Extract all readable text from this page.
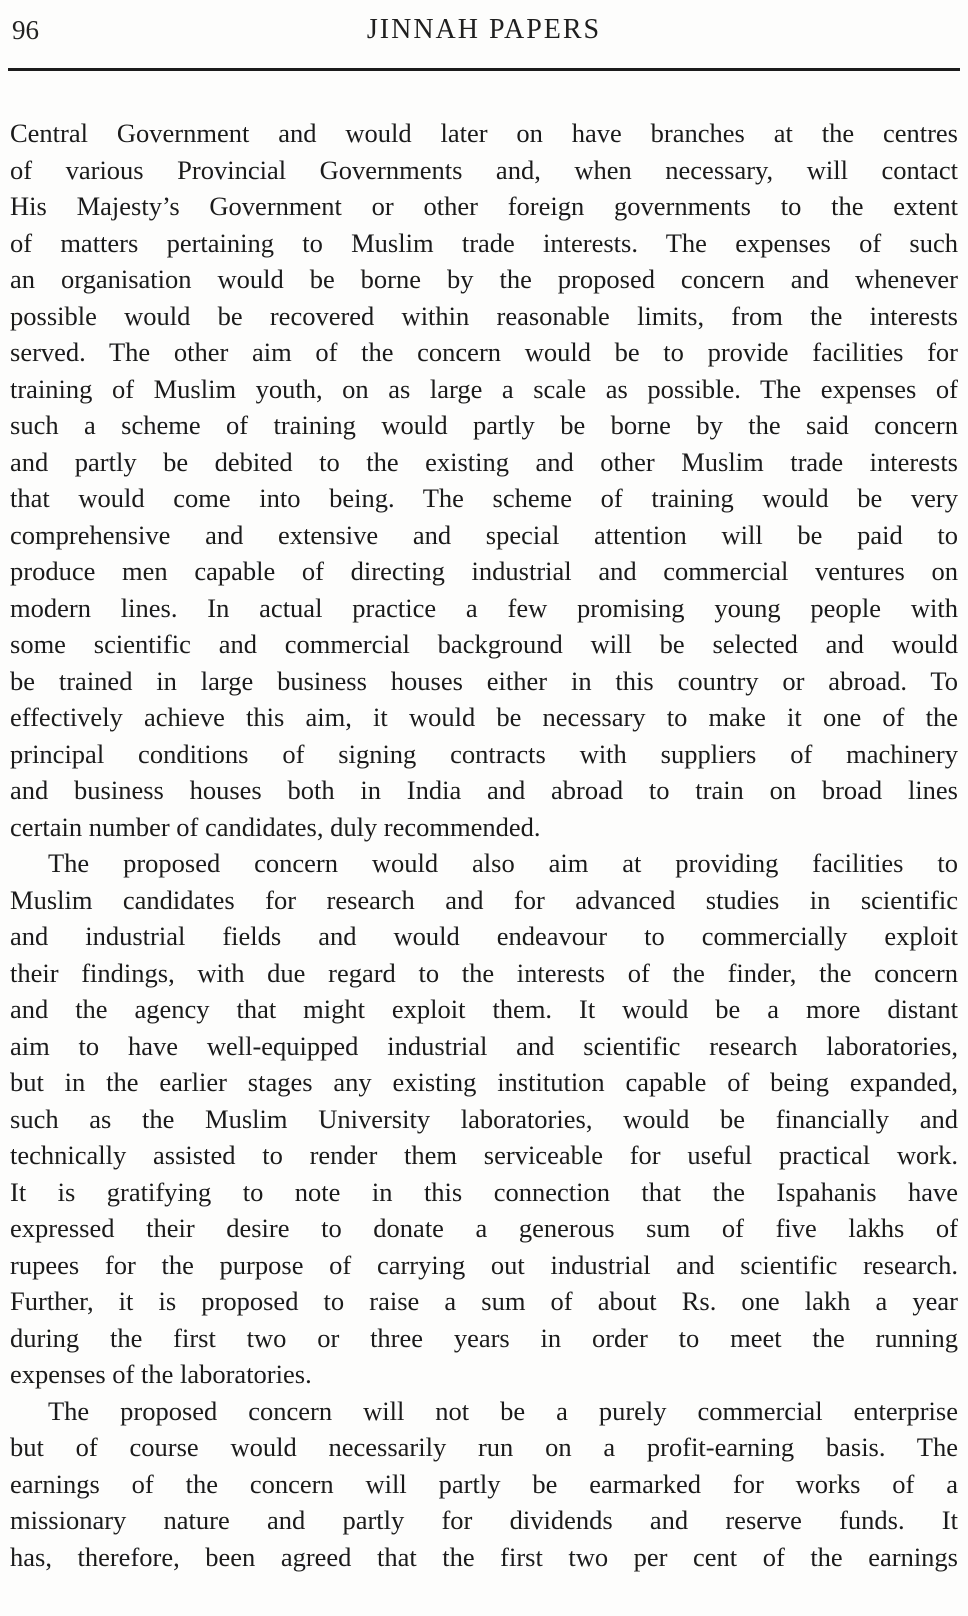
96	JINNAH PAPERS
Central Government and would later on have branches at the centres
of various Provincial Governments and, when necessary, will contact
His Majesty’s Government or other foreign governments to the extent
of matters pertaining to Muslim trade interests. The expenses of such
an organisation would be borne by the proposed concern and whenever
possible would be recovered within reasonable limits, from the interests
served. The other aim of the concern would be to provide facilities for
training of Muslim youth, on as large a scale as possible. The expenses of
such a scheme of training would partly be borne by the said concern
and partly be debited to the existing and other Muslim trade interests
that would come into being. The scheme of training would be very
comprehensive and extensive and special attention will be paid to
produce men capable of directing industrial and commercial ventures on
modern lines. In actual practice a few promising young people with
some scientific and commercial background will be selected and would
be trained in large business houses either in this country or abroad. To
effectively achieve this aim, it would be necessary to make it one of the
principal conditions of signing contracts with suppliers of machinery
and business houses both in India and abroad to train on broad lines
certain number of candidates, duly recommended.
The proposed concern would also aim at providing facilities to
Muslim candidates for research and for advanced studies in scientific
and industrial fields and would endeavour to commercially exploit
their findings, with due regard to the interests of the finder, the concern
and the agency that might exploit them. It would be a more distant
aim to have well-equipped industrial and scientific research laboratories,
but in the earlier stages any existing institution capable of being expanded,
such as the Muslim University laboratories, would be financially and
technically assisted to render them serviceable for useful practical work.
It is gratifying to note in this connection that the Ispahanis have
expressed their desire to donate a generous sum of five lakhs of
rupees for the purpose of carrying out industrial and scientific research.
Further, it is proposed to raise a sum of about Rs. one lakh a year
during the first two or three years in order to meet the running
expenses of the laboratories.
The proposed concern will not be a purely commercial enterprise
but of course would necessarily run on a profit-earning basis. The
earnings of the concern will partly be earmarked for works of a
missionary nature and partly for dividends and reserve funds. It
has, therefore, been agreed that the first two per cent of the earnings
